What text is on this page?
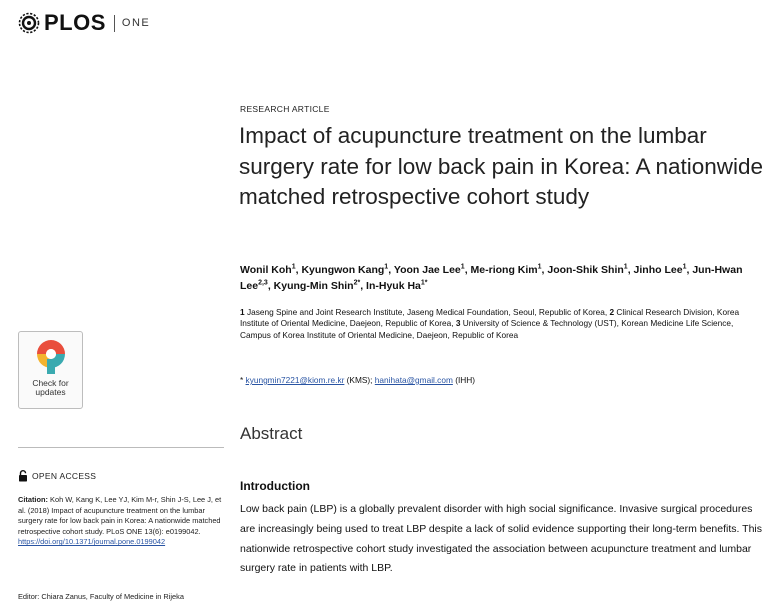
PLOS ONE
RESEARCH ARTICLE
Impact of acupuncture treatment on the lumbar surgery rate for low back pain in Korea: A nationwide matched retrospective cohort study
Wonil Koh$^1$, Kyungwon Kang$^1$, Yoon Jae Lee$^1$, Me-riong Kim$^1$, Joon-Shik Shin$^1$, Jinho Lee$^1$, Jun-Hwan Lee$^{2,3}$, Kyung-Min Shin$^{2*}$, In-Hyuk $Ha^{1*}$
1 Jaseng Spine and Joint Research Institute, Jaseng Medical Foundation, Seoul, Republic of Korea, 2 Clinical Research Division, Korea Institute of Oriental Medicine, Daejeon, Republic of Korea, 3 University of Science & Technology (UST), Korean Medicine Life Science, Campus of Korea Institute of Oriental Medicine, Daejeon, Republic of Korea
* kyungmin7221@kiom.re.kr (KMS); hanihata@gmail.com (IHH)
Abstract
Introduction

Low back pain (LBP) is a globally prevalent disorder with high social significance. Invasive surgical procedures are increasingly being used to treat LBP despite a lack of solid evidence supporting their long-term benefits. This nationwide retrospective cohort study investigated the association between acupuncture treatment and lumbar surgery rate in patients with LBP.

Check for
updates
OPEN ACCESS
Citation: Koh W, Kang K, Lee YJ, Kim M-r, Shin J-S, Lee J, et al. (2018) Impact of acupuncture treatment on the lumbar surgery rate for low back pain in Korea: A nationwide matched retrospective cohort study. PLoS ONE 13(6): e0199042. https://doi.org/10.1371/journal.pone.0199042
Editor: Chiara Zanus, Faculty of Medicine in Rijeka
